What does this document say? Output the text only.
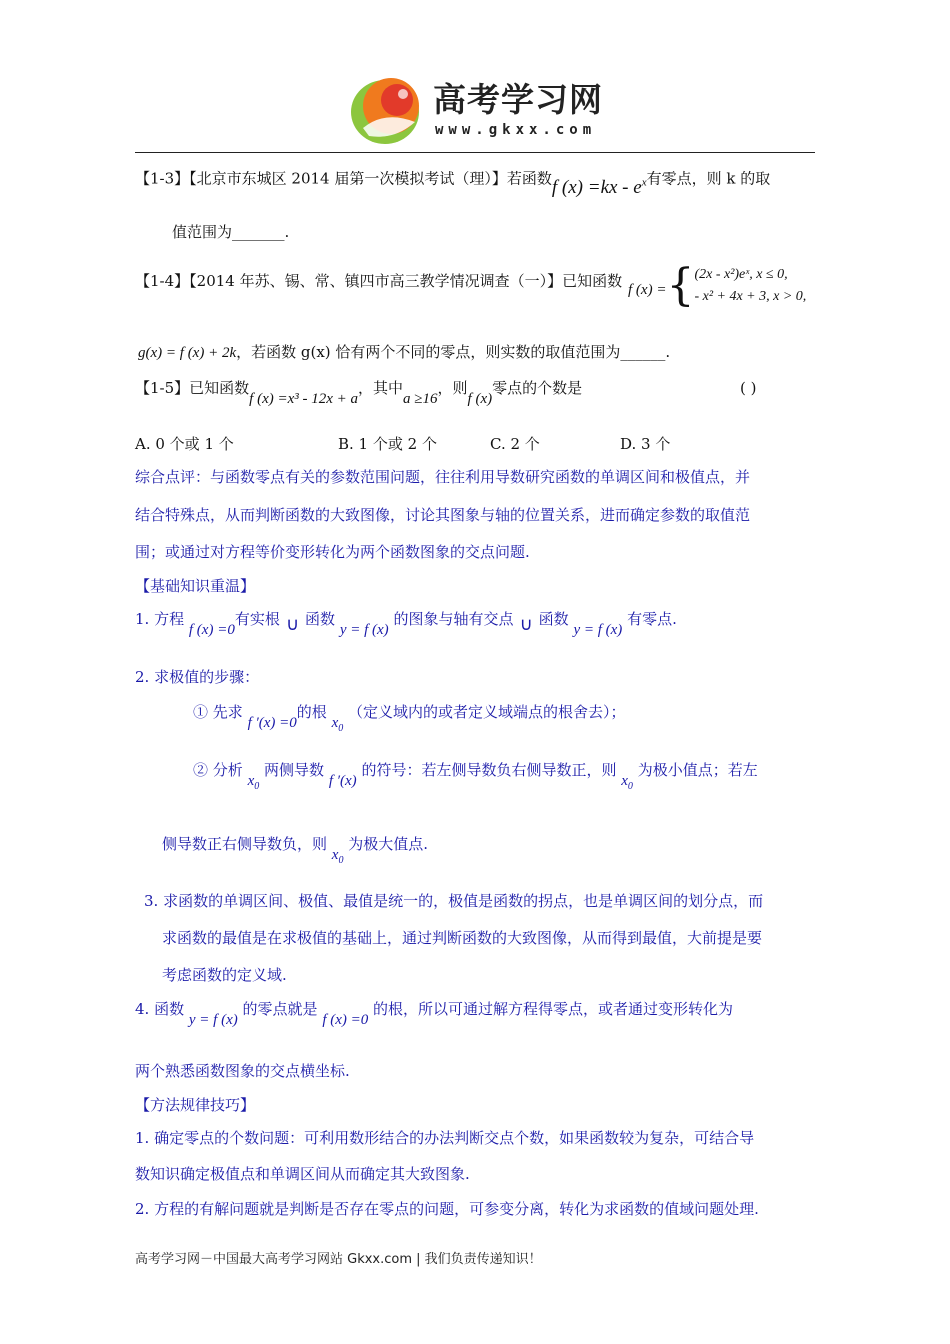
高考学习网
www.gkxx.com
【1-3】【北京市东城区 2014 届第一次模拟考试（理）】若函数f $(x) =kx - e^x$有零点，则 k 的取
值范围为_______.
【1-4】【2014 年苏、锡、常、镇四市高三教学情况调查（一）】已知函数 f (x) ={ (2x - x²)eˣ, x ≤ 0,
- x² + 4x + 3, x > 0,
g(x) = f (x) + 2k，若函数 g(x) 恰有两个不同的零点，则实数的取值范围为______.
【1-5】已知函数f (x) =x³ - 12x + a，其中a ≥16，则f (x)零点的个数是	( )
A. 0 个或 1 个	B. 1 个或 2 个	C. 2 个	D. 3 个
综合点评：与函数零点有关的参数范围问题，往往利用导数研究函数的单调区间和极值点，并
结合特殊点，从而判断函数的大致图像，讨论其图象与轴的位置关系，进而确定参数的取值范
围；或通过对方程等价变形转化为两个函数图象的交点问题.
【基础知识重温】
1. 方程 f (x) =0有实根 ∪ 函数 y = f (x) 的图象与轴有交点 ∪ 函数 y = f (x) 有零点.
2. 求极值的步骤：
① 先求 f ′(x) =0的根 $x_0$ （定义域内的或者定义域端点的根舍去）；
② 分析 $x_0$ 两侧导数 f ′(x) 的符号：若左侧导数负右侧导数正，则 $x_0$ 为极小值点；若左
侧导数正右侧导数负，则 $x_0$ 为极大值点.
3. 求函数的单调区间、极值、最值是统一的，极值是函数的拐点，也是单调区间的划分点，而
求函数的最值是在求极值的基础上，通过判断函数的大致图像，从而得到最值，大前提是要
考虑函数的定义域.
4. 函数 y = f (x) 的零点就是 f (x) =0 的根，所以可通过解方程得零点，或者通过变形转化为
两个熟悉函数图象的交点横坐标.
【方法规律技巧】
1. 确定零点的个数问题：可利用数形结合的办法判断交点个数，如果函数较为复杂，可结合导
数知识确定极值点和单调区间从而确定其大致图象.
2. 方程的有解问题就是判断是否存在零点的问题，可参变分离，转化为求函数的值域问题处理.
高考学习网－中国最大高考学习网站 Gkxx.com | 我们负责传递知识！
